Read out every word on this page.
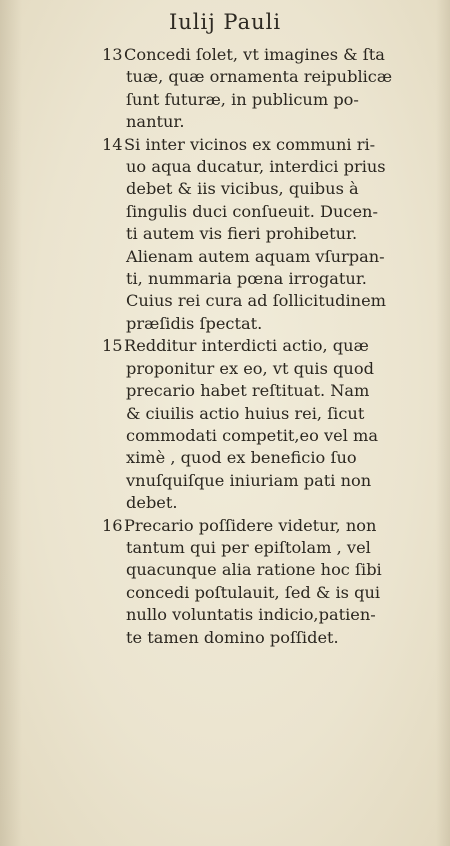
Iulij Pauli

13Concedi ſolet, vt imagines & ſta
tuæ, quæ ornamenta reipublicæ
ſunt futuræ, in publicum po-
nantur.

14Si inter vicinos ex communi ri-
uo aqua ducatur, interdici prius
debet & iis vicibus, quibus à
ſingulis duci conſueuit. Ducen-
ti autem vis fieri prohibetur.
Alienam autem aquam vſurpan-
ti, nummaria pœna irrogatur.
Cuius rei cura ad ſollicitudinem
præſidis ſpectat.

15Redditur interdicti actio, quæ
proponitur ex eo, vt quis quod
precario habet reſtituat. Nam
& ciuilis actio huius rei, ſicut
commodati competit,eo vel ma
ximè , quod ex beneficio ſuo
vnuſquiſque iniuriam pati non
debet.

16Precario poſſidere videtur, non
tantum qui per epiſtolam , vel
quacunque alia ratione hoc ſibi
concedi poſtulauit, ſed & is qui
nullo voluntatis indicio,patien-
te tamen domino poſſidet.
